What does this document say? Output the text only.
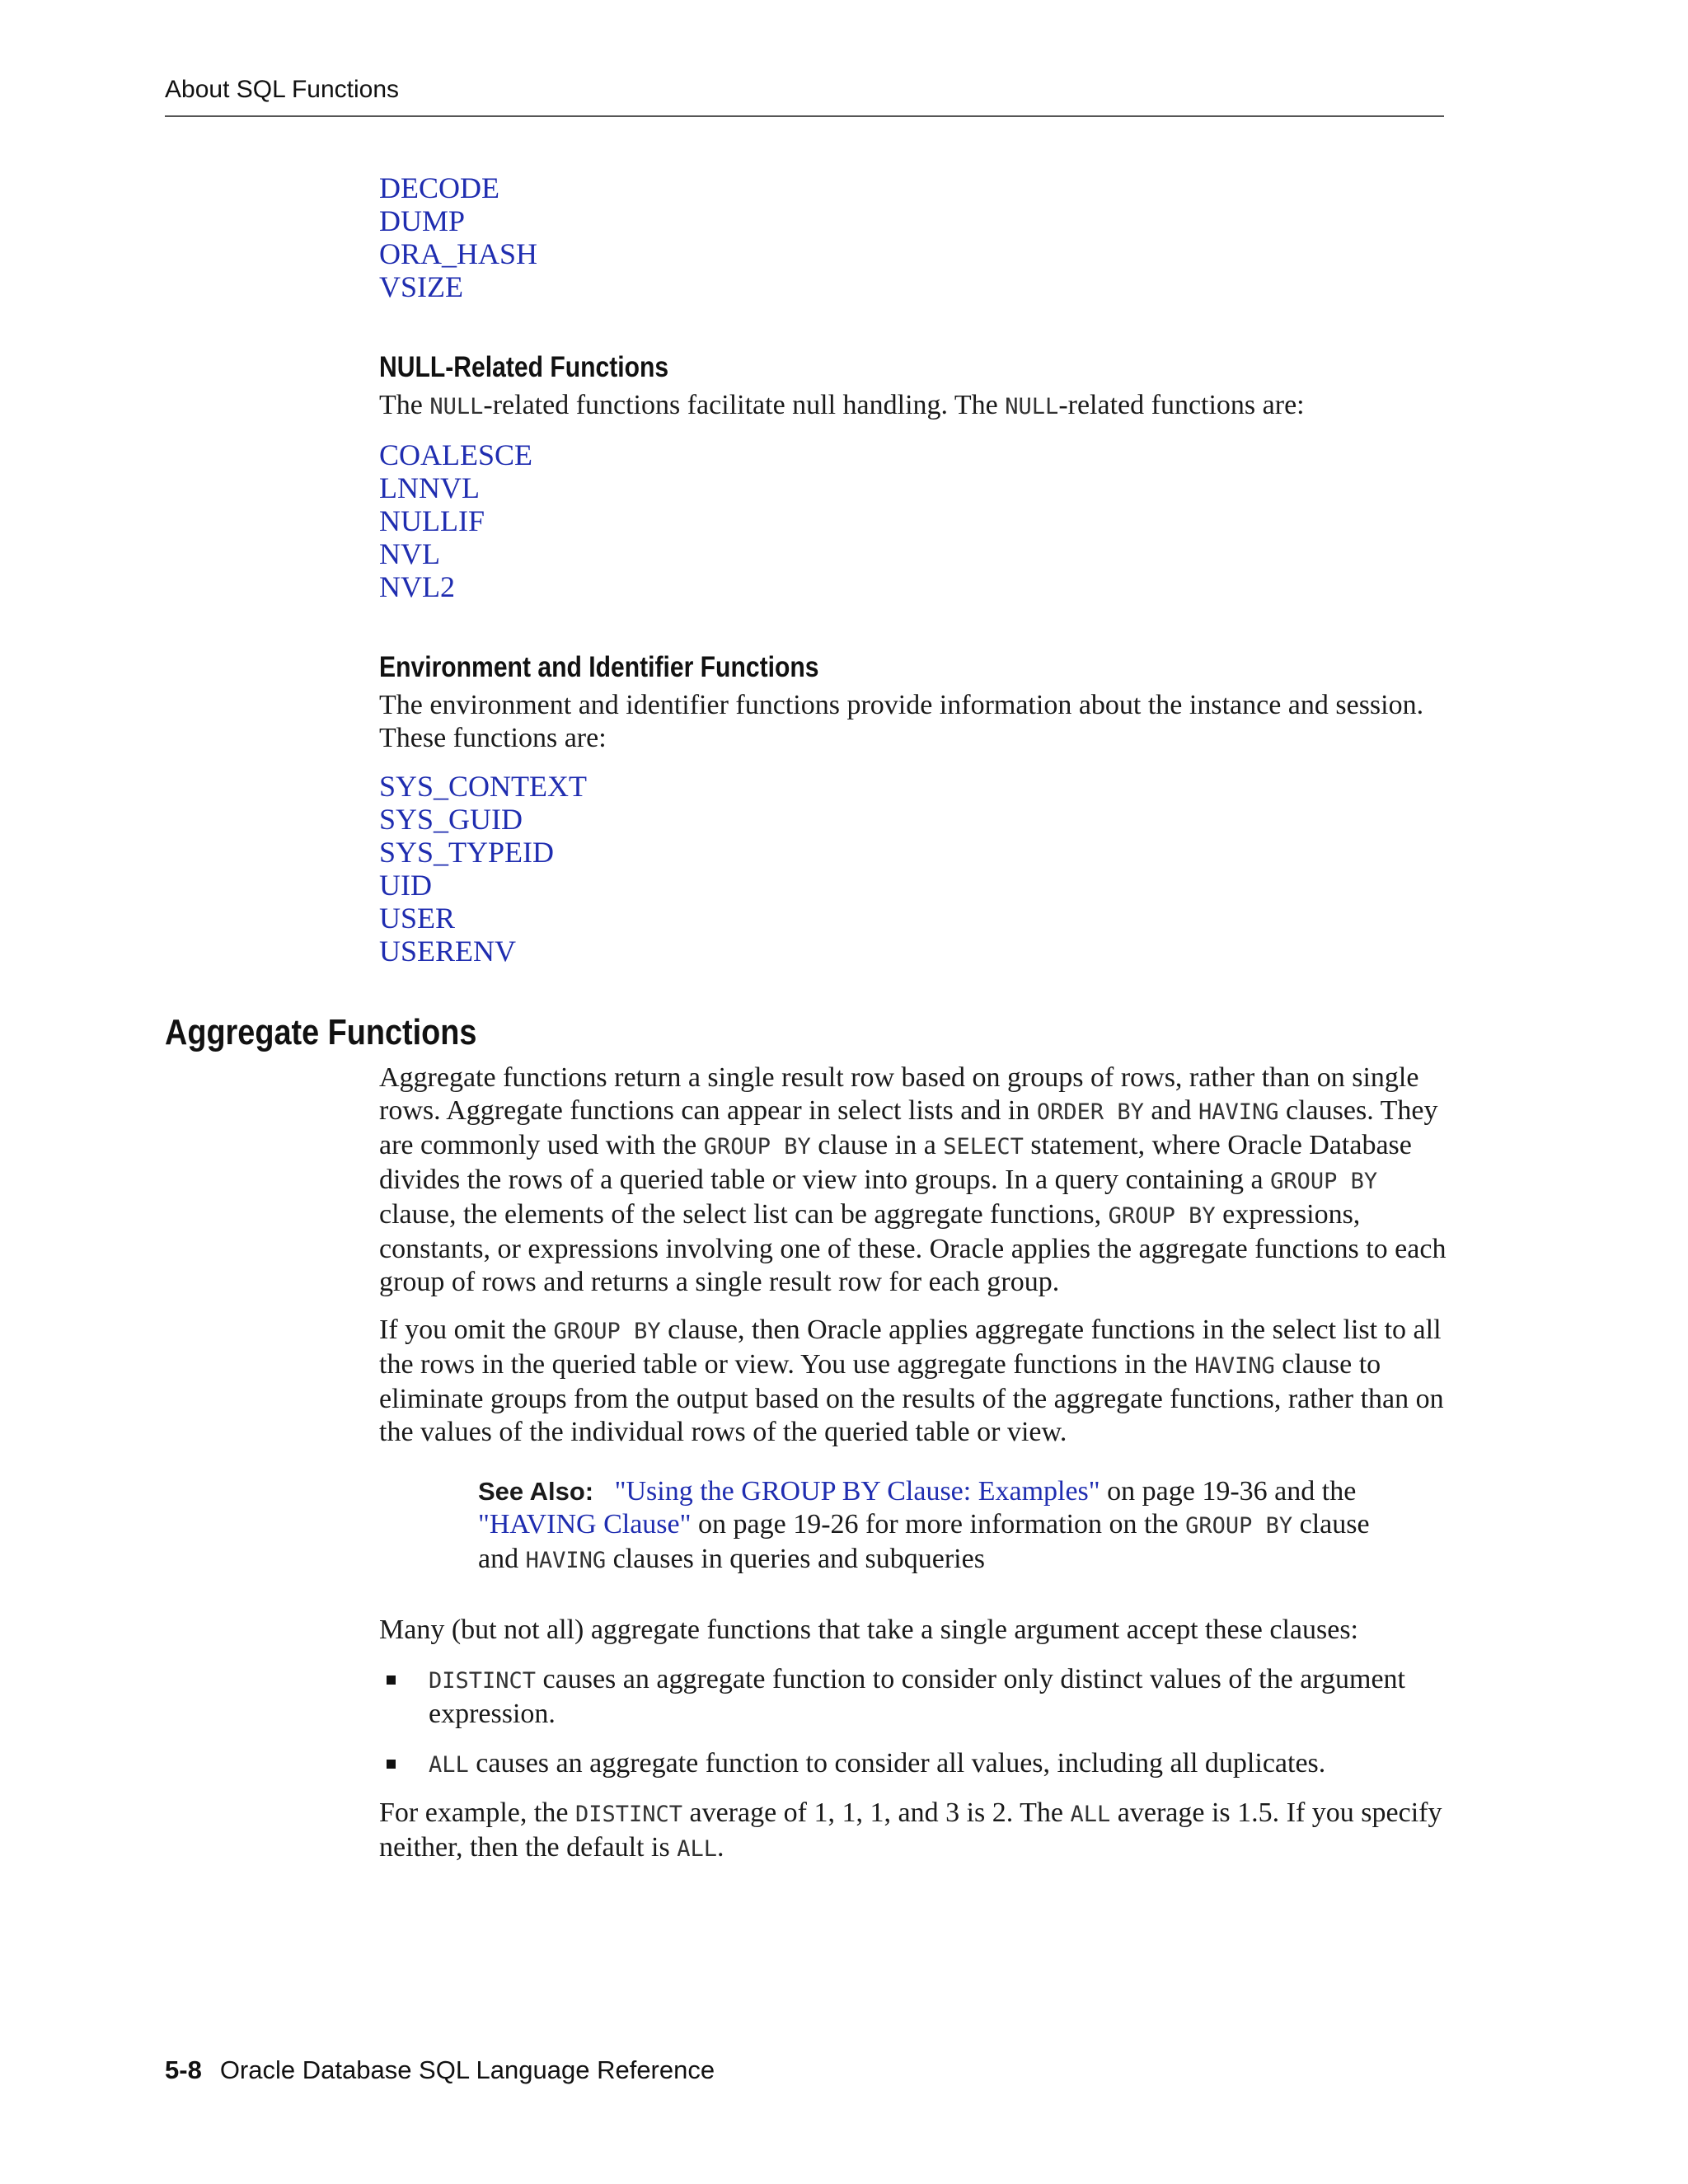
About SQL Functions
DECODE
DUMP
ORA_HASH
VSIZE
NULL-Related Functions

The NULL-related functions facilitate null handling. The NULL-related functions are:

COALESCE
LNNVL
NULLIF
NVL
NVL2
Environment and Identifier Functions

The environment and identifier functions provide information about the instance and session. These functions are:

SYS_CONTEXT
SYS_GUID
SYS_TYPEID
UID
USER
USERENV
Aggregate Functions

Aggregate functions return a single result row based on groups of rows, rather than on single rows. Aggregate functions can appear in select lists and in ORDER BY and HAVING clauses. They are commonly used with the GROUP BY clause in a SELECT statement, where Oracle Database divides the rows of a queried table or view into groups. In a query containing a GROUP BY clause, the elements of the select list can be aggregate functions, GROUP BY expressions, constants, or expressions involving one of these. Oracle applies the aggregate functions to each group of rows and returns a single result row for each group.

If you omit the GROUP BY clause, then Oracle applies aggregate functions in the select list to all the rows in the queried table or view. You use aggregate functions in the HAVING clause to eliminate groups from the output based on the results of the aggregate functions, rather than on the values of the individual rows of the queried table or view.

See Also: "Using the GROUP BY Clause: Examples" on page 19-36 and the "HAVING Clause" on page 19-26 for more information on the GROUP BY clause and HAVING clauses in queries and subqueries

Many (but not all) aggregate functions that take a single argument accept these clauses:

DISTINCT causes an aggregate function to consider only distinct values of the argument expression.
ALL causes an aggregate function to consider all values, including all duplicates.

For example, the DISTINCT average of 1, 1, 1, and 3 is 2. The ALL average is 1.5. If you specify neither, then the default is ALL.

5-8 Oracle Database SQL Language Reference
